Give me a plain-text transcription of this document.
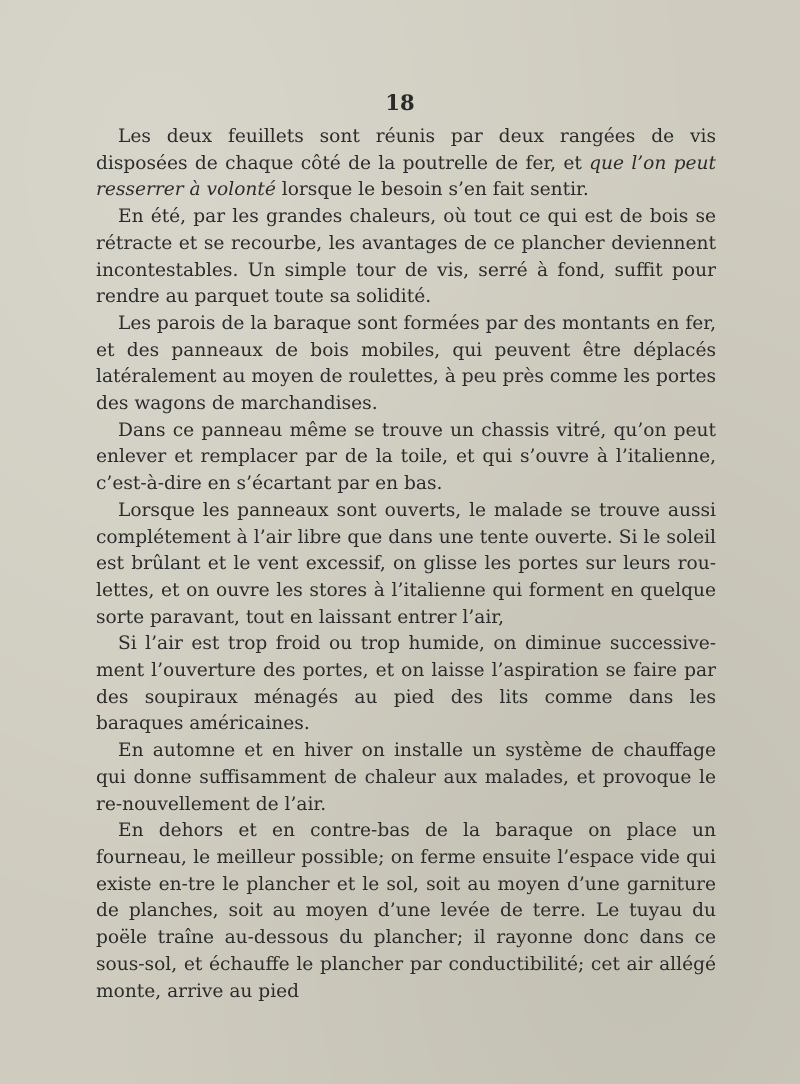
18

Les deux feuillets sont réunis par deux rangées de vis disposées de chaque côté de la poutrelle de fer, et que l’on peut resserrer à volonté lorsque le besoin s’en fait sentir.

En été, par les grandes chaleurs, où tout ce qui est de bois se rétracte et se recourbe, les avantages de ce plancher deviennent incontestables. Un simple tour de vis, serré à fond, suffit pour rendre au parquet toute sa solidité.

Les parois de la baraque sont formées par des montants en fer, et des panneaux de bois mobiles, qui peuvent être déplacés latéralement au moyen de roulettes, à peu près comme les portes des wagons de marchandises.

Dans ce panneau même se trouve un chassis vitré, qu’on peut enlever et remplacer par de la toile, et qui s’ouvre à l’italienne, c’est-à-dire en s’écartant par en bas.

Lorsque les panneaux sont ouverts, le malade se trouve aussi complétement à l’air libre que dans une tente ouverte. Si le soleil est brûlant et le vent excessif, on glisse les portes sur leurs rou-lettes, et on ouvre les stores à l’italienne qui forment en quelque sorte paravant, tout en laissant entrer l’air,

Si l’air est trop froid ou trop humide, on diminue successive-ment l’ouverture des portes, et on laisse l’aspiration se faire par des soupiraux ménagés au pied des lits comme dans les baraques américaines.

En automne et en hiver on installe un système de chauffage qui donne suffisamment de chaleur aux malades, et provoque le re-nouvellement de l’air.

En dehors et en contre-bas de la baraque on place un fourneau, le meilleur possible; on ferme ensuite l’espace vide qui existe en-tre le plancher et le sol, soit au moyen d’une garniture de planches, soit au moyen d’une levée de terre. Le tuyau du poële traîne au-dessous du plancher; il rayonne donc dans ce sous-sol, et échauffe le plancher par conductibilité; cet air allégé monte, arrive au pied
